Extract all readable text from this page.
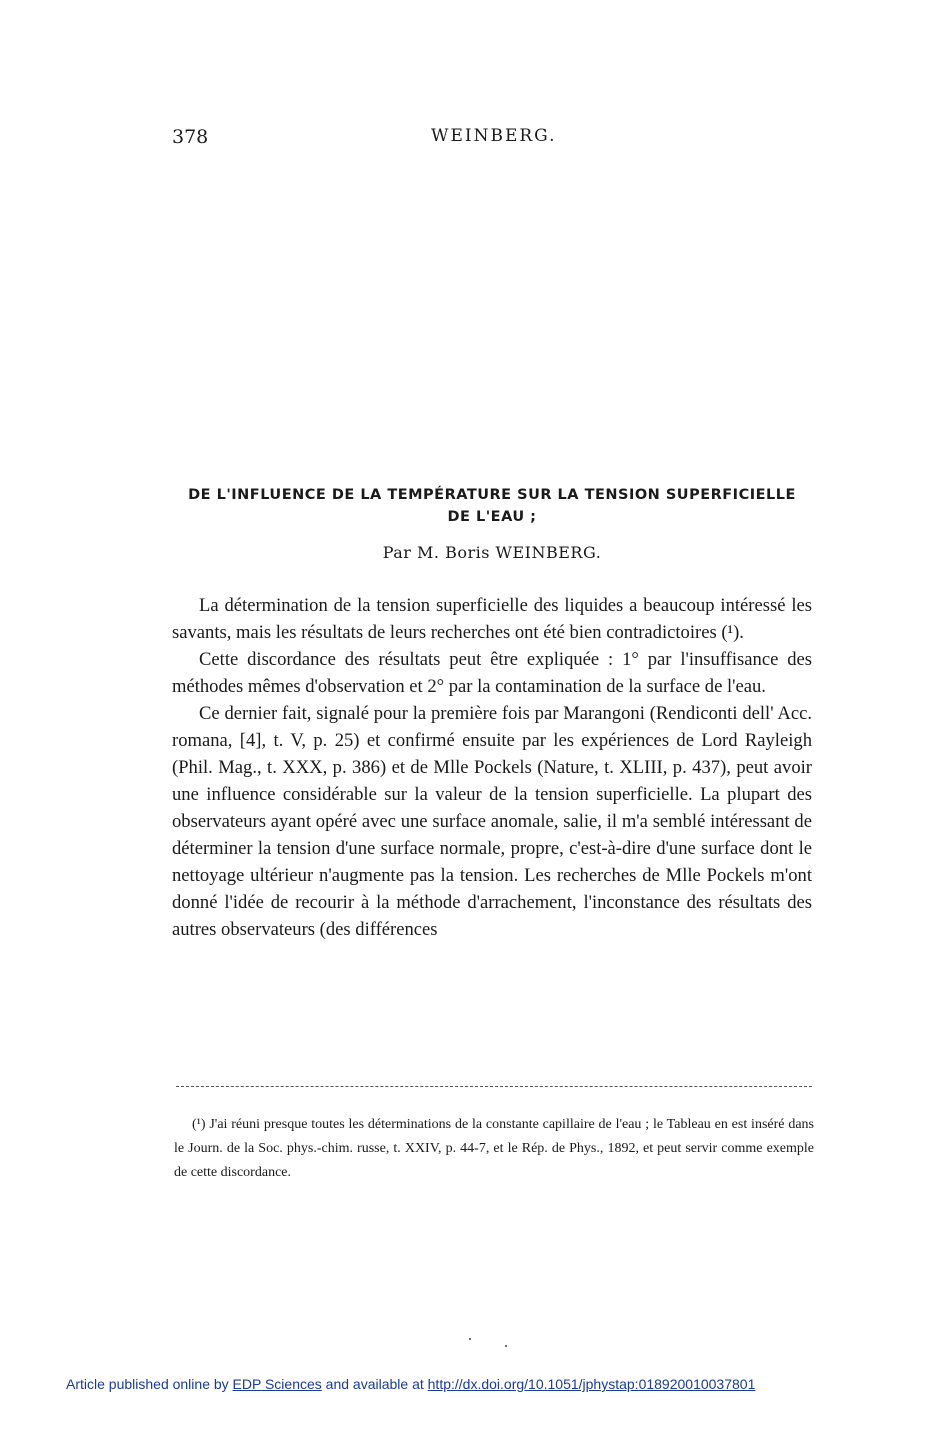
378	WEINBERG.
DE L'INFLUENCE DE LA TEMPÉRATURE SUR LA TENSION SUPERFICIELLE
DE L'EAU ;
Par M. Boris WEINBERG.

La détermination de la tension superficielle des liquides a beaucoup intéressé les savants, mais les résultats de leurs recherches ont été bien contradictoires (¹).

Cette discordance des résultats peut être expliquée : 1° par l'insuffisance des méthodes mêmes d'observation et 2° par la contamination de la surface de l'eau.

Ce dernier fait, signalé pour la première fois par Marangoni (Rendiconti dell' Acc. romana, [4], t. V, p. 25) et confirmé ensuite par les expériences de Lord Rayleigh (Phil. Mag., t. XXX, p. 386) et de Mlle Pockels (Nature, t. XLIII, p. 437), peut avoir une influence considérable sur la valeur de la tension superficielle. La plupart des observateurs ayant opéré avec une surface anomale, salie, il m'a semblé intéressant de déterminer la tension d'une surface normale, propre, c'est-à-dire d'une surface dont le nettoyage ultérieur n'augmente pas la tension. Les recherches de Mlle Pockels m'ont donné l'idée de recourir à la méthode d'arrachement, l'inconstance des résultats des autres observateurs (des différences

(¹) J'ai réuni presque toutes les déterminations de la constante capillaire de l'eau ; le Tableau en est inséré dans le Journ. de la Soc. phys.-chim. russe, t. XXIV, p. 44-7, et le Rép. de Phys., 1892, et peut servir comme exemple de cette discordance.

Article published online by EDP Sciences and available at http://dx.doi.org/10.1051/jphystap:018920010037801
